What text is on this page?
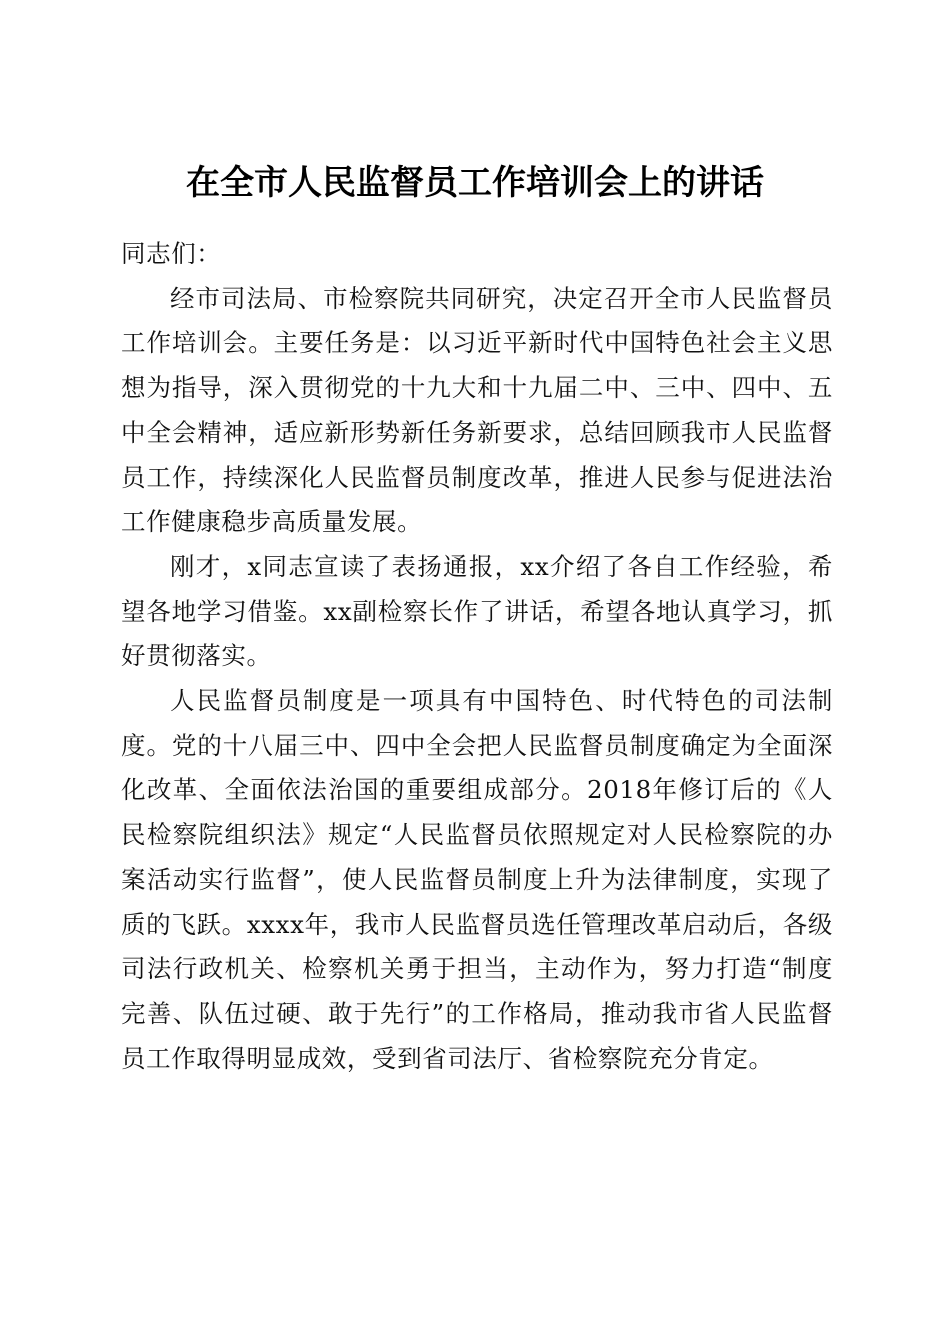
在全市人民监督员工作培训会上的讲话

同志们：

经市司法局、市检察院共同研究，决定召开全市人民监督员工作培训会。主要任务是：以习近平新时代中国特色社会主义思想为指导，深入贯彻党的十九大和十九届二中、三中、四中、五中全会精神，适应新形势新任务新要求，总结回顾我市人民监督员工作，持续深化人民监督员制度改革，推进人民参与促进法治工作健康稳步高质量发展。

刚才，x同志宣读了表扬通报，xx介绍了各自工作经验，希望各地学习借鉴。xx副检察长作了讲话，希望各地认真学习，抓好贯彻落实。

人民监督员制度是一项具有中国特色、时代特色的司法制度。党的十八届三中、四中全会把人民监督员制度确定为全面深化改革、全面依法治国的重要组成部分。2018年修订后的《人民检察院组织法》规定“人民监督员依照规定对人民检察院的办案活动实行监督”，使人民监督员制度上升为法律制度，实现了质的飞跃。xxxx年，我市人民监督员选任管理改革启动后，各级司法行政机关、检察机关勇于担当，主动作为，努力打造“制度完善、队伍过硬、敢于先行”的工作格局，推动我市省人民监督员工作取得明显成效，受到省司法厅、省检察院充分肯定。
